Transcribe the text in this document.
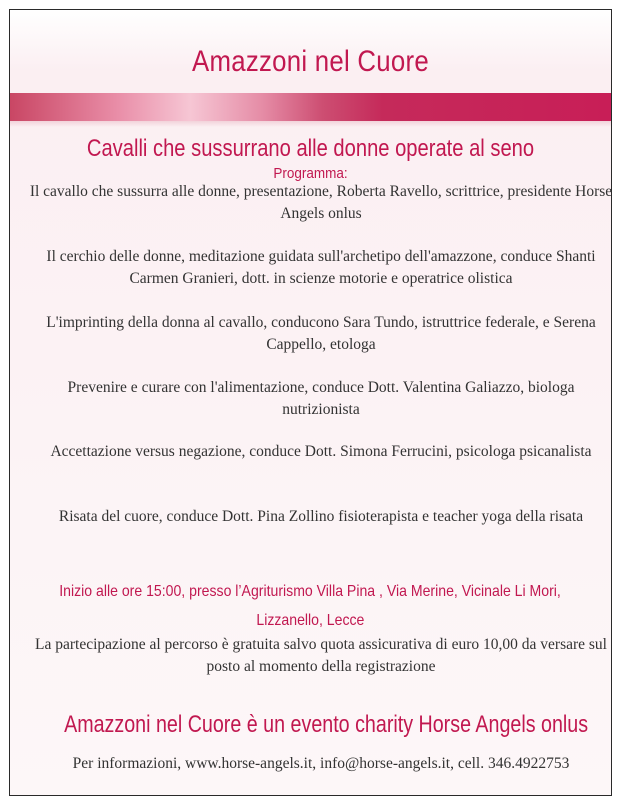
Amazzoni nel Cuore
Cavalli che sussurrano alle donne operate al seno
Programma:
Il cavallo che sussurra alle donne, presentazione, Roberta Ravello, scrittrice, presidente Horse Angels onlus
Il cerchio delle donne, meditazione guidata sull'archetipo dell'amazzone, conduce Shanti Carmen Granieri, dott. in scienze motorie e operatrice olistica
L'imprinting della donna al cavallo, conducono Sara Tundo, istruttrice federale, e Serena Cappello, etologa
Prevenire e curare con l'alimentazione, conduce Dott. Valentina Galiazzo, biologa nutrizionista
Accettazione versus negazione, conduce Dott. Simona Ferrucini, psicologa psicanalista
Risata del cuore, conduce Dott. Pina Zollino fisioterapista e teacher yoga della risata
Inizio alle ore 15:00, presso l’Agriturismo Villa Pina , Via Merine, Vicinale Li Mori,
Lizzanello, Lecce
La partecipazione al percorso è gratuita salvo quota assicurativa di euro 10,00 da versare sul posto al momento della registrazione
Amazzoni nel Cuore è un evento charity Horse Angels onlus
Per informazioni, www.horse-angels.it, info@horse-angels.it, cell. 346.4922753
